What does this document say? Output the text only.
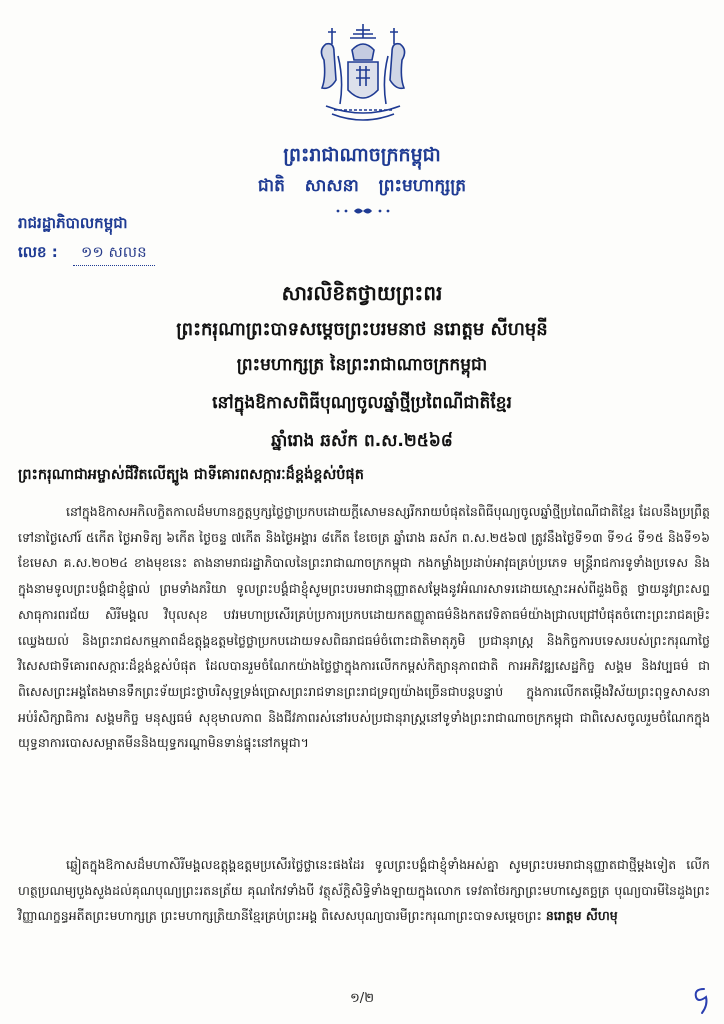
ព្រះរាជាណាចក្រកម្ពុជា
ជាតិ សាសនា ព្រះមហាក្សត្រ
រាជរដ្ឋាភិបាលកម្ពុជា
លេខ : ១១ សលន
សារលិខិតថ្វាយព្រះពរ
ព្រះករុណាព្រះបាទសម្តេចព្រះបរមនាថ នរោត្តម សីហមុនី
ព្រះមហាក្សត្រ នៃព្រះរាជាណាចក្រកម្ពុជា
នៅក្នុងឱកាសពិធីបុណ្យចូលឆ្នាំថ្មីប្រពៃណីជាតិខ្មែរ
ឆ្នាំរោង ឆស័ក ព.ស.២៥៦៨
ព្រះករុណាជាអម្ចាស់ជីវិតលើត្បូង ជាទីគោរពសក្ការៈដ៏ខ្ពង់ខ្ពស់បំផុត
នៅក្នុងឱកាសអកិលក្ខិតកាលដ៏មហានក្ខត្តឫក្សថ្លៃថ្លាប្រកបដោយក្តីសោមនស្សរីករាយបំផុតនៃពិធីបុណ្យចូលឆ្នាំថ្មីប្រពៃណីជាតិខ្មែរ ដែលនឹងប្រព្រឹត្តទៅនាថ្ងៃសៅរ៍ ៥កើត ថ្ងៃអាទិត្យ ៦កើត ថ្ងៃចន្ទ ៧កើត និងថ្ងៃអង្គារ ៨កើត ខែចេត្រ ឆ្នាំរោង ឆស័ក ព.ស.២៥៦៧ ត្រូវនឹងថ្ងៃទី១៣ ទី១៤ ទី១៥ និងទី១៦ ខែមេសា គ.ស.២០២៤ ខាងមុខនេះ តាងនាមរាជរដ្ឋាភិបាលនៃព្រះរាជាណាចក្រកម្ពុជា កងកម្លាំងប្រដាប់អាវុធគ្រប់ប្រភេទ មន្ត្រីរាជការទូទាំងប្រទេស និងក្នុងនាមទូលព្រះបង្គំជាខ្ញុំផ្ទាល់ ព្រមទាំងភរិយា ទូលព្រះបង្គំជាខ្ញុំសូមព្រះបរមរាជានុញ្ញាតសម្តែងនូវអំណរសាទរដោយស្មោះអស់ពីដួងចិត្ត ថ្វាយនូវព្រះសព្ទសាធុការពរជ័យ សិរីមង្គល វិបុលសុខ បវរមហាប្រសើរគ្រប់ប្រការប្រកបដោយកតញ្ញូតាធម៌និងកតវេទិតាធម៌យ៉ាងជ្រាលជ្រៅបំផុតចំពោះព្រះរាជគម្រិះឈ្វេងយល់ និងព្រះរាជសកម្មភាពដ៏ឧត្តុង្គឧត្តមថ្លៃថ្លាប្រកបដោយទសពិធរាជធម៌ចំពោះជាតិមាតុភូមិ ប្រជានុរាស្ត្រ និងកិច្ចការបទេសរបស់ព្រះករុណាថ្លៃវិសេសជាទីគោរពសក្ការៈដ៏ខ្ពង់ខ្ពស់បំផុត ដែលបានរួមចំណែកយ៉ាងថ្លៃថ្លាក្នុងការលើកកម្ពស់កិត្យានុភាពជាតិ ការអភិវឌ្ឍសេដ្ឋកិច្ច សង្គម និងវប្បធម៌ ជាពិសេសព្រះអង្គតែងមានទឹកព្រះទ័យជ្រះថ្លាបរិសុទ្ធទ្រង់ប្រោសព្រះរាជទានព្រះរាជទ្រព្យយ៉ាងច្រើនជាបន្តបន្ទាប់ ក្នុងការលើកតម្កើងវិស័យព្រះពុទ្ធសាសនា អប់រំសិក្សាធិការ សង្គមកិច្ច មនុស្សធម៌ សុខុមាលភាព និងជីវភាពរស់នៅរបស់ប្រជានុរាស្ត្រនៅទូទាំងព្រះរាជាណាចក្រកម្ពុជា ជាពិសេសចូលរួមចំណែកក្នុងយុទ្ធនាការបោសសម្អាតមីននិងយុទ្ធករណ្តាមិនទាន់ផ្ទុះនៅកម្ពុជា។
ឆ្លៀតក្នុងឱកាសដ៏មហាសិរីមង្គលឧត្តុង្គឧត្តមប្រសើរថ្លៃថ្លានេះផងដែរ ទូលព្រះបង្គំជាខ្ញុំទាំងអស់គ្នា សូមព្រះបរមរាជានុញ្ញាតជាថ្មីម្តងទៀត លើកហត្ថប្រណម្យបួងសួងដល់គុណបុណ្យព្រះរតនត្រ័យ គុណកែវទាំងបី វត្ថុស័ក្តិសិទ្ធិទាំងឡាយក្នុងលោក ទេវតាថែរក្សាព្រះមហាស្វេតច្ឆត្រ បុណ្យបារមីនៃដួងព្រះវិញ្ញាណក្ខន្ធអតីតព្រះមហាក្សត្រ ព្រះមហាក្សត្រិយានីខ្មែរគ្រប់ព្រះអង្គ ពិសេសបុណ្យបារមីព្រះករុណាព្រះបាទសម្តេចព្រះ នរោត្តម សីហមុ
១/២
